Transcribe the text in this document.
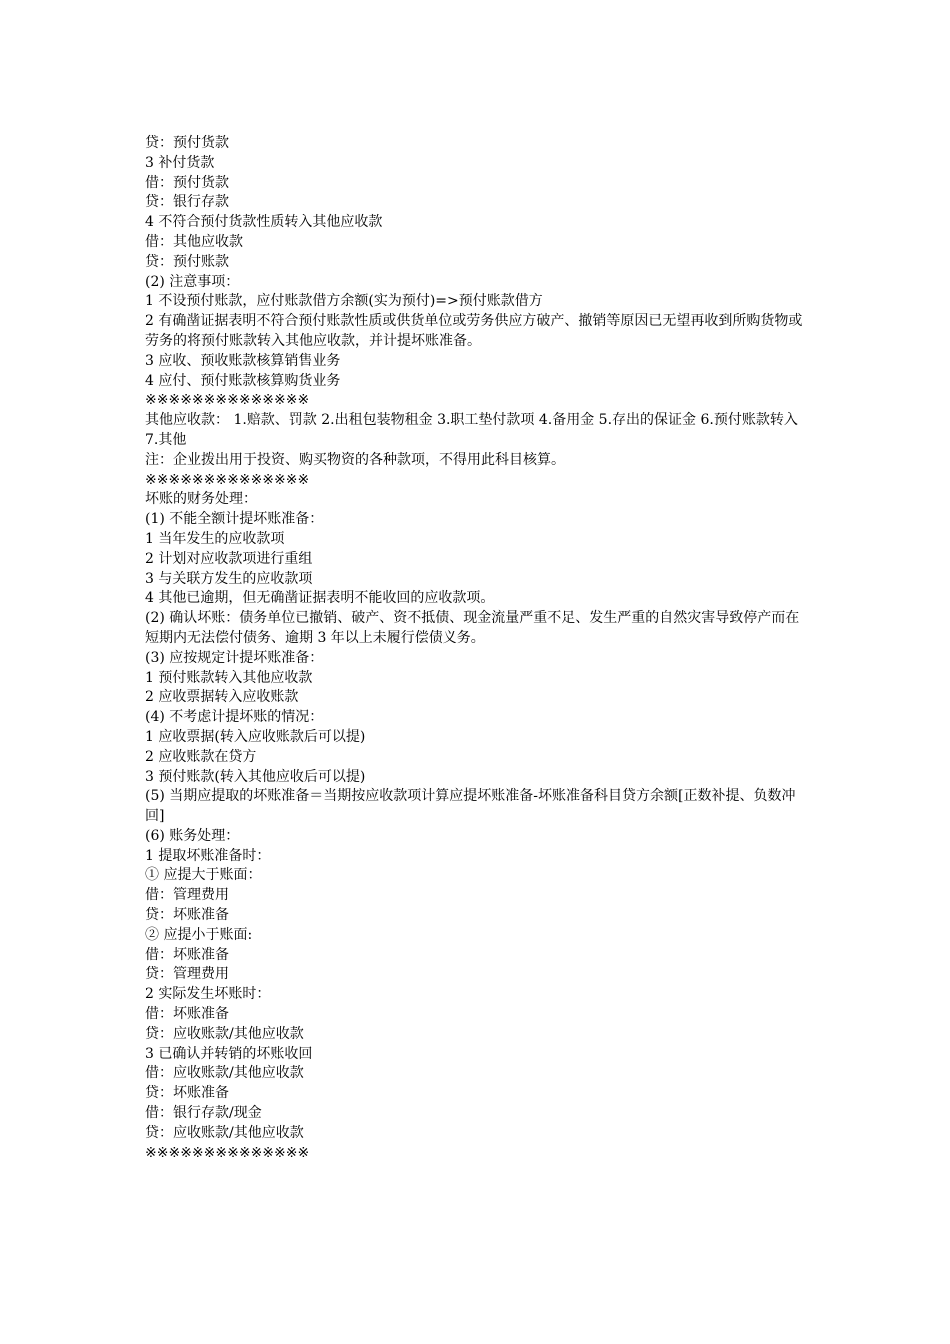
贷：预付货款

3 补付货款

借：预付货款

贷：银行存款

4 不符合预付货款性质转入其他应收款

借：其他应收款

贷：预付账款

(2) 注意事项：

1 不设预付账款，应付账款借方余额(实为预付)=>预付账款借方

2 有确凿证据表明不符合预付账款性质或供货单位或劳务供应方破产、撤销等原因已无望再收到所购货物或劳务的将预付账款转入其他应收款，并计提坏账准备。

3 应收、预收账款核算销售业务

4 应付、预付账款核算购货业务

※※※※※※※※※※※※※※

其他应收款： 1.赔款、罚款 2.出租包装物租金 3.职工垫付款项 4.备用金 5.存出的保证金 6.预付账款转入 7.其他

注：企业拨出用于投资、购买物资的各种款项，不得用此科目核算。

※※※※※※※※※※※※※※

坏账的财务处理：

(1) 不能全额计提坏账准备：

1 当年发生的应收款项

2 计划对应收款项进行重组

3 与关联方发生的应收款项

4 其他已逾期，但无确凿证据表明不能收回的应收款项。

(2) 确认坏账：债务单位已撤销、破产、资不抵债、现金流量严重不足、发生严重的自然灾害导致停产而在短期内无法偿付债务、逾期 3 年以上未履行偿债义务。

(3) 应按规定计提坏账准备：

1 预付账款转入其他应收款

2 应收票据转入应收账款

(4) 不考虑计提坏账的情况：

1 应收票据(转入应收账款后可以提)

2 应收账款在贷方

3 预付账款(转入其他应收后可以提)

(5) 当期应提取的坏账准备＝当期按应收款项计算应提坏账准备-坏账准备科目贷方余额[正数补提、负数冲回]

(6) 账务处理：

1 提取坏账准备时：

① 应提大于账面：

借：管理费用

贷：坏账准备

② 应提小于账面:

借：坏账准备

贷：管理费用

2 实际发生坏账时：

借：坏账准备

贷：应收账款/其他应收款

3 已确认并转销的坏账收回

借：应收账款/其他应收款

贷：坏账准备

借：银行存款/现金

贷：应收账款/其他应收款

※※※※※※※※※※※※※※
